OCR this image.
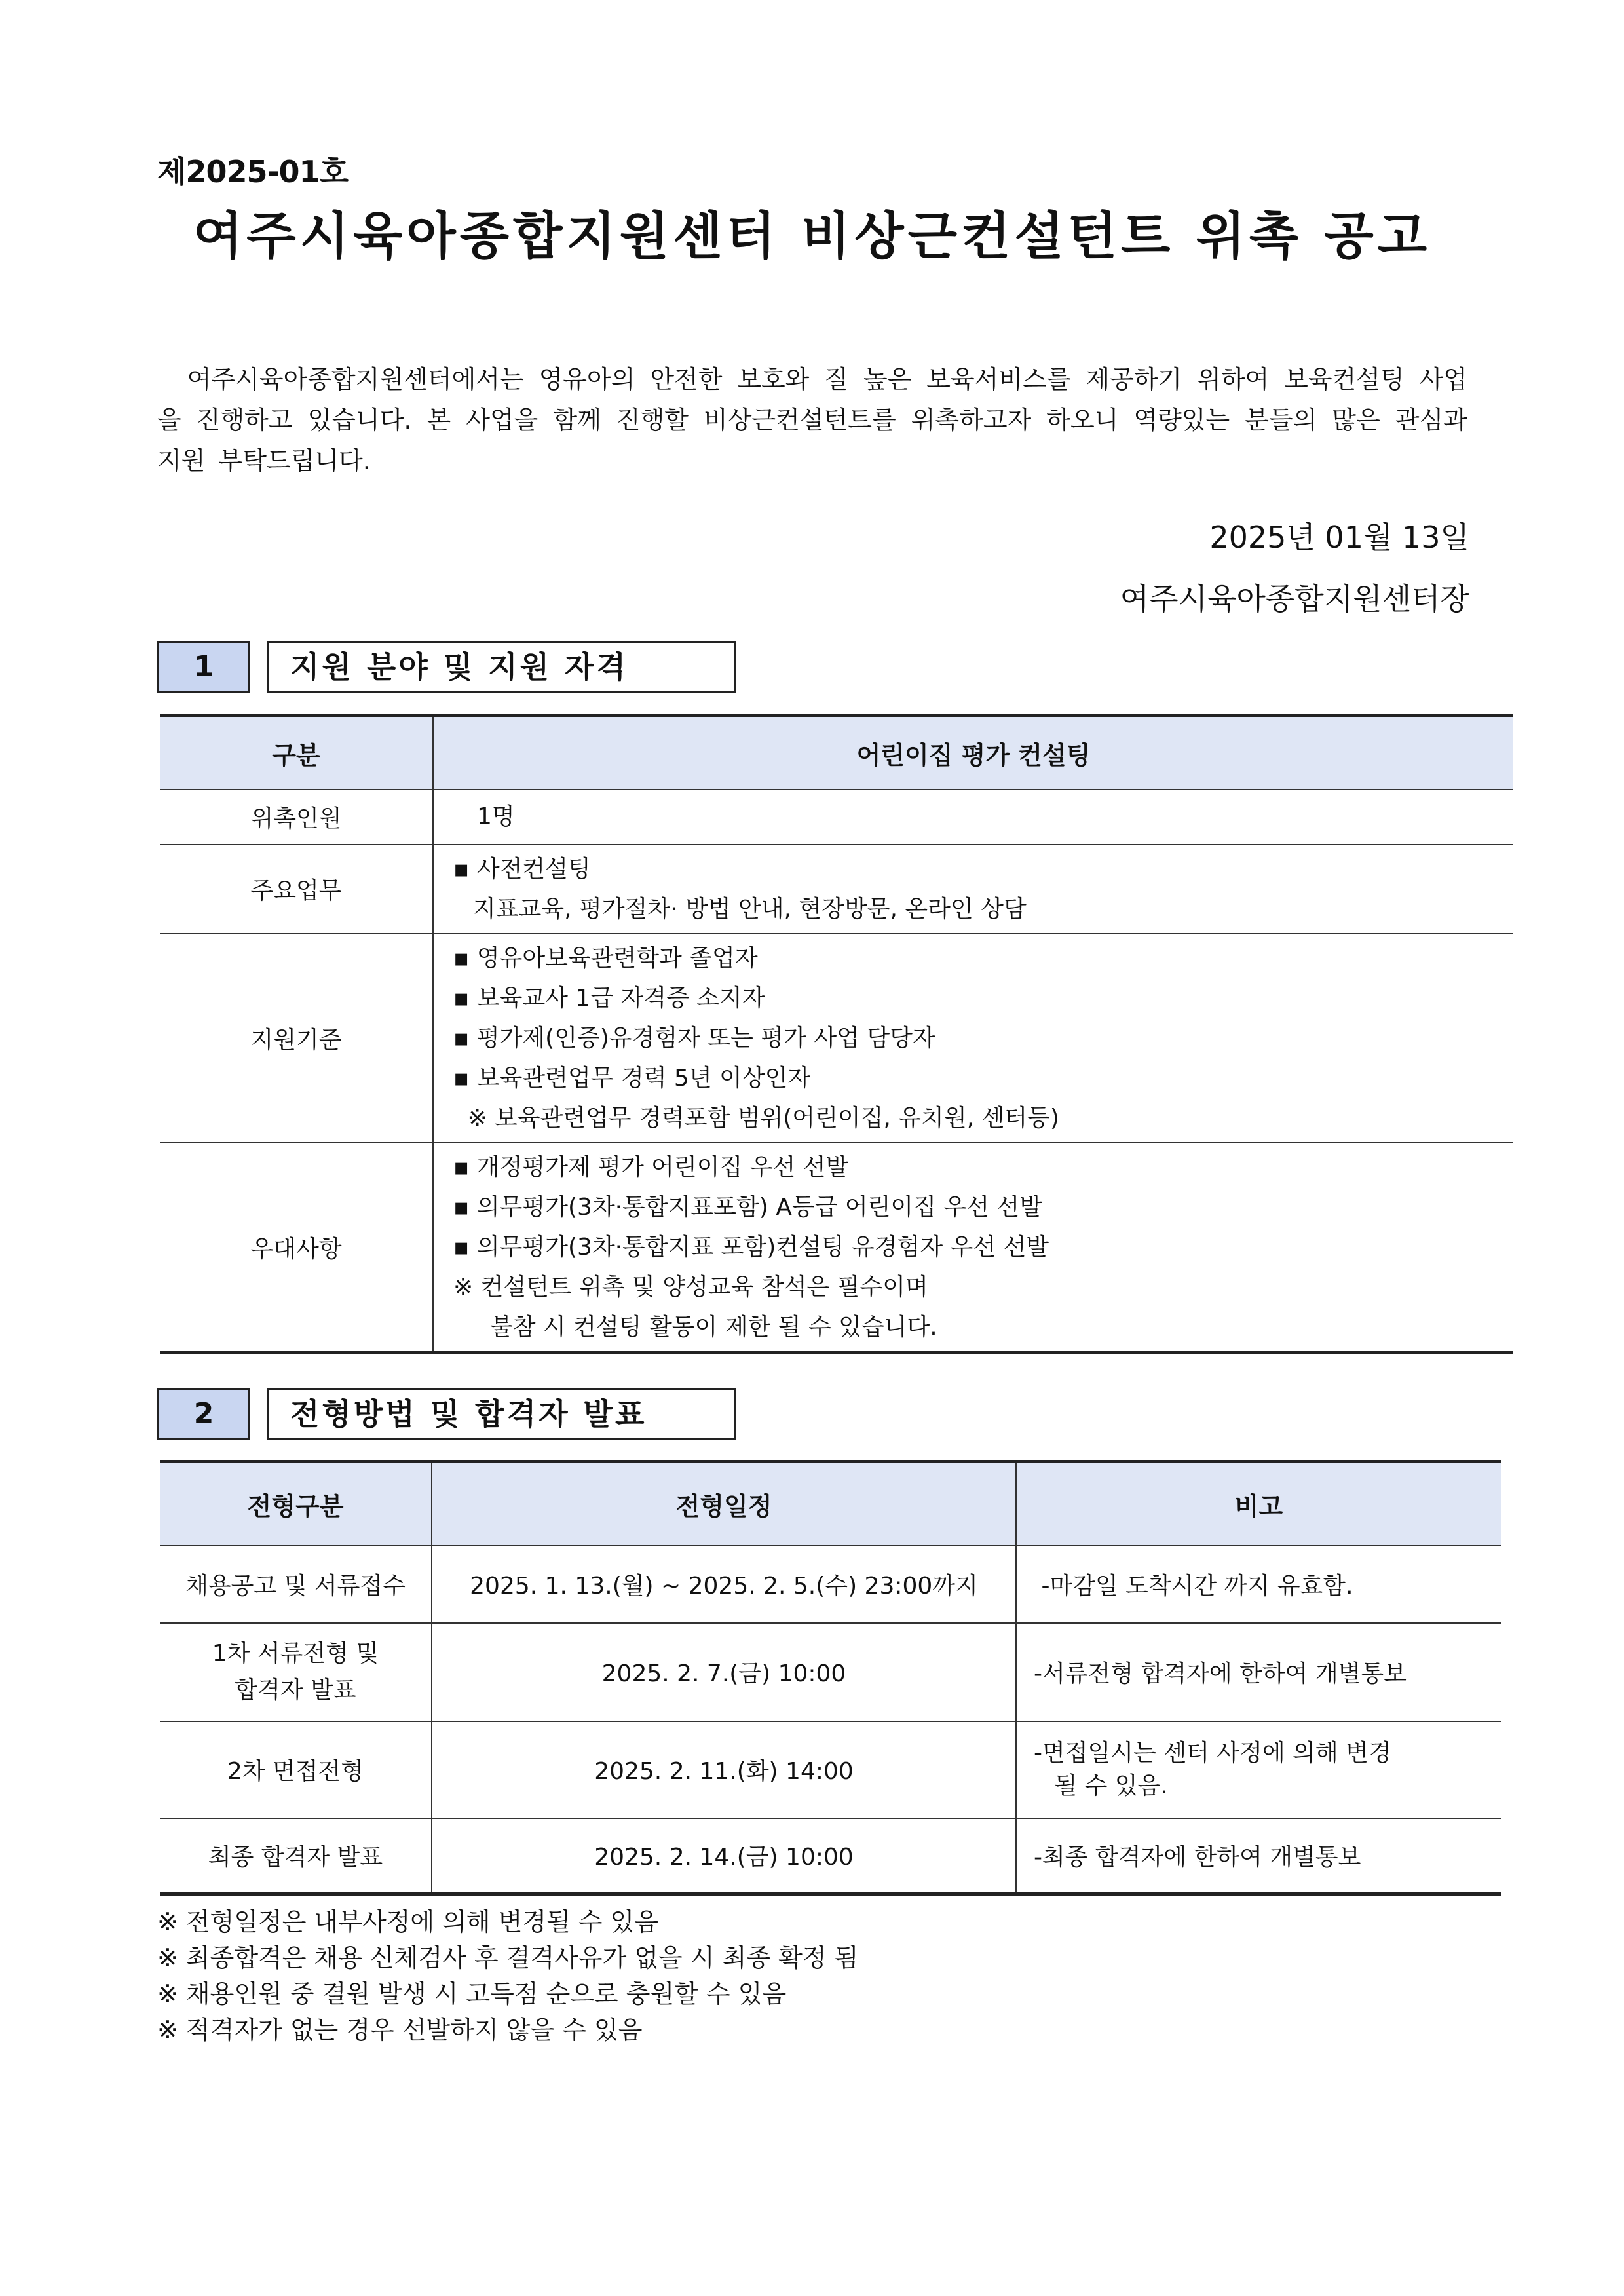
제2025-01호
여주시육아종합지원센터 비상근컨설턴트 위촉 공고
여주시육아종합지원센터에서는 영유아의 안전한 보호와 질 높은 보육서비스를 제공하기 위하여 보육컨설팅 사업을 진행하고 있습니다. 본 사업을 함께 진행할 비상근컨설턴트를 위촉하고자 하오니 역량있는 분들의 많은 관심과 지원 부탁드립니다.
2025년 01월 13일
여주시육아종합지원센터장
1	지원 분야 및 지원 자격
구분	어린이집 평가 컨설팅
위촉인원	1명

주요업무	▪ 사전컨설팅
지표교육, 평가절차· 방법 안내, 현장방문, 온라인 상담

지원기준	▪ 영유아보육관련학과 졸업자
▪ 보육교사 1급 자격증 소지자
▪ 평가제(인증)유경험자 또는 평가 사업 담당자
▪ 보육관련업무 경력 5년 이상인자
※ 보육관련업무 경력포함 범위(어린이집, 유치원, 센터등)

우대사항	▪ 개정평가제 평가 어린이집 우선 선발
▪ 의무평가(3차·통합지표포함) A등급 어린이집 우선 선발
▪ 의무평가(3차·통합지표 포함)컨설팅 유경험자 우선 선발
※ 컨설턴트 위촉 및 양성교육 참석은 필수이며
불참 시 컨설팅 활동이 제한 될 수 있습니다.
2	전형방법 및 합격자 발표
전형구분	전형일정	비고

채용공고 및 서류접수	2025. 1. 13.(월) ~ 2025. 2. 5.(수) 23:00까지	-마감일 도착시간 까지 유효함.

1차 서류전형 및
합격자 발표	2025. 2. 7.(금) 10:00	-서류전형 합격자에 한하여 개별통보

2차 면접전형	2025. 2. 11.(화) 14:00	-면접일시는 센터 사정에 의해 변경
될 수 있음.

최종 합격자 발표	2025. 2. 14.(금) 10:00	-최종 합격자에 한하여 개별통보
※ 전형일정은 내부사정에 의해 변경될 수 있음
※ 최종합격은 채용 신체검사 후 결격사유가 없을 시 최종 확정 됨
※ 채용인원 중 결원 발생 시 고득점 순으로 충원할 수 있음
※ 적격자가 없는 경우 선발하지 않을 수 있음
